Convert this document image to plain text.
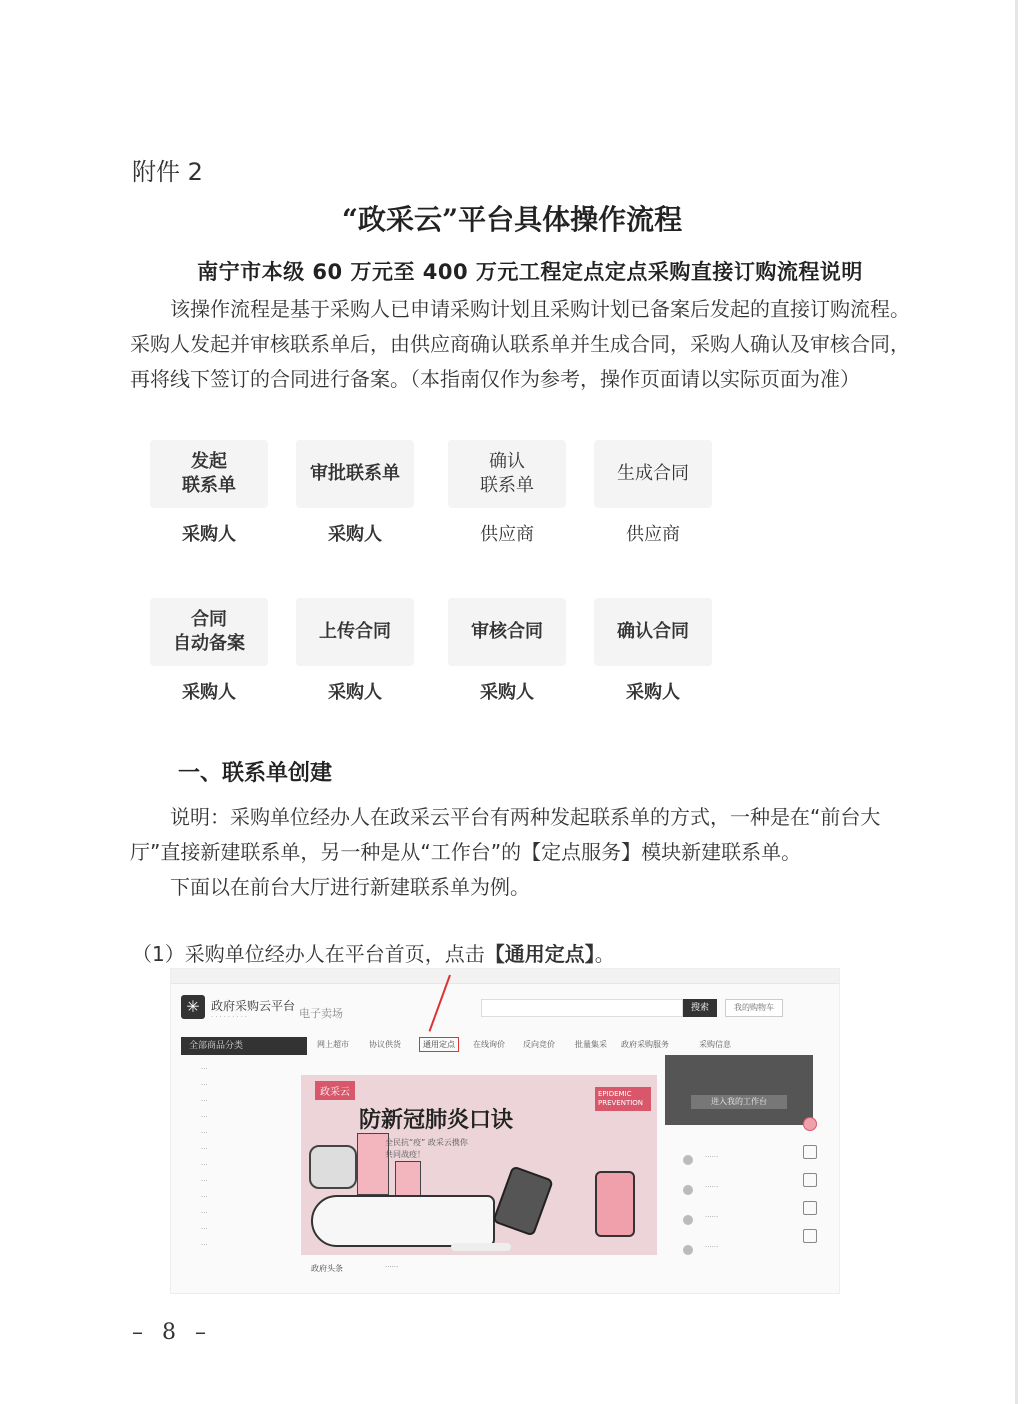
附件 2
“政采云”平台具体操作流程
南宁市本级 60 万元至 400 万元工程定点定点采购直接订购流程说明

该操作流程是基于采购人已申请采购计划且采购计划已备案后发起的直接订购流程。采购人发起并审核联系单后，由供应商确认联系单并生成合同，采购人确认及审核合同，再将线下签订的合同进行备案。（本指南仅作为参考，操作页面请以实际页面为准）

发起
联系单
采购人
审批联系单
采购人
确认
联系单
供应商
生成合同
供应商
合同
自动备案
采购人
上传合同
采购人
审核合同
采购人
确认合同
采购人
一、联系单创建

说明：采购单位经办人在政采云平台有两种发起联系单的方式，一种是在“前台大厅”直接新建联系单，另一种是从“工作台”的【定点服务】模块新建联系单。

下面以在前台大厅进行新建联系单为例。

（1）采购单位经办人在平台首页，点击【通用定点】。
✳ 政府采购云平台
·········	电子卖场	搜索	我的购物车
全部商品分类	网上超市	协议供货	通用定点	在线询价 反向竞价	批量集采 政府采购服务	采购信息
···
···
···
···
···
···
···
···
···
···
···
···
政采云
防新冠肺炎口诀
全民抗“疫” 政采云携你共同战疫！
EPIDEMIC PREVENTION
政府头条	······
进入我的工作台
······
······
······
······
– 8 –
